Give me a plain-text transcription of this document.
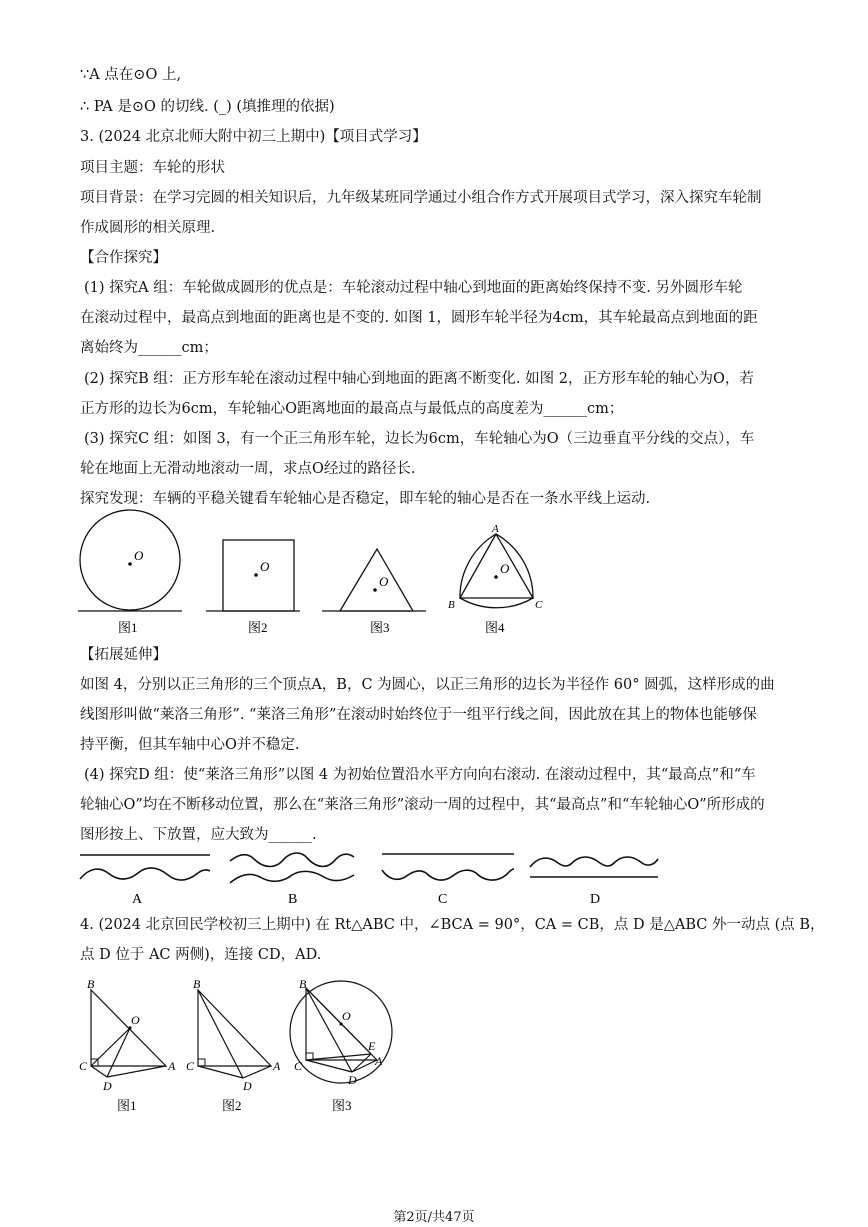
∵A 点在⊙O 上,
∴ PA 是⊙O 的切线. (_) (填推理的依据)
3. (2024 北京北师大附中初三上期中)【项目式学习】
项目主题：车轮的形状
项目背景：在学习完圆的相关知识后，九年级某班同学通过小组合作方式开展项目式学习，深入探究车轮制
作成圆形的相关原理.
【合作探究】
(1) 探究A 组：车轮做成圆形的优点是：车轮滚动过程中轴心到地面的距离始终保持不变. 另外圆形车轮
在滚动过程中，最高点到地面的距离也是不变的. 如图 1，圆形车轮半径为4cm，其车轮最高点到地面的距
离始终为______cm；
(2) 探究B 组：正方形车轮在滚动过程中轴心到地面的距离不断变化. 如图 2，正方形车轮的轴心为O，若
正方形的边长为6cm，车轮轴心O距离地面的最高点与最低点的高度差为______cm；
(3) 探究C 组：如图 3，有一个正三角形车轮，边长为6cm，车轮轴心为O（三边垂直平分线的交点），车
轮在地面上无滑动地滚动一周，求点O经过的路径长.
探究发现：车辆的平稳关键看车轮轴心是否稳定，即车轮的轴心是否在一条水平线上运动.
O
图1
O
图2
O
图3
O
A
B	C
图4
【拓展延伸】
如图 4，分别以正三角形的三个顶点A，B，C 为圆心，以正三角形的边长为半径作 60° 圆弧，这样形成的曲
线图形叫做“莱洛三角形”. “莱洛三角形”在滚动时始终位于一组平行线之间，因此放在其上的物体也能够保
持平衡，但其车轴中心O并不稳定.
(4) 探究D 组：使“莱洛三角形”以图 4 为初始位置沿水平方向向右滚动. 在滚动过程中，其“最高点”和“车
轮轴心O”均在不断移动位置，那么在“莱洛三角形”滚动一周的过程中，其“最高点”和“车轮轴心O”所形成的
图形按上、下放置，应大致为______.
A	B	C	D
4. (2024 北京回民学校初三上期中) 在 Rt△ABC 中，∠BCA = 90°，CA = CB，点 D 是△ABC 外一动点 (点 B，
点 D 位于 AC 两侧)，连接 CD，AD.
B
O
C	A
D
图1
B
C	A
D
图2
B
O
E
A
C
D
图3
第2页/共47页
